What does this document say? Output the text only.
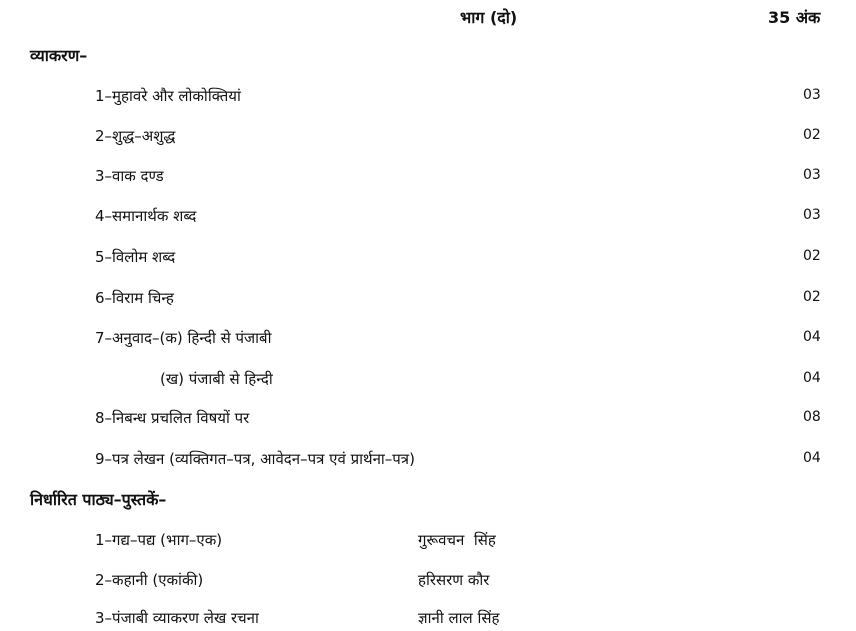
भाग (दो)	35 अंक
व्याकरण–
1–मुहावरे और लोकोक्तियां	03
2–शुद्ध–अशुद्ध	02
3–वाक दण्ड	03
4–समानार्थक शब्द	03
5–विलोम शब्द	02
6–विराम चिन्ह	02
7–अनुवाद–(क) हिन्दी से पंजाबी	04
(ख) पंजाबी से हिन्दी	04
8–निबन्ध प्रचलित विषयों पर	08
9–पत्र लेखन (व्यक्तिगत–पत्र, आवेदन–पत्र एवं प्रार्थना–पत्र)	04
निर्धारित पाठ्य–पुस्तकें–
1–गद्य–पद्य (भाग–एक)	गुरूवचन  सिंह
2–कहानी (एकांकी)	हरिसरण कौर
3–पंजाबी व्याकरण लेख रचना	ज्ञानी लाल सिंह
